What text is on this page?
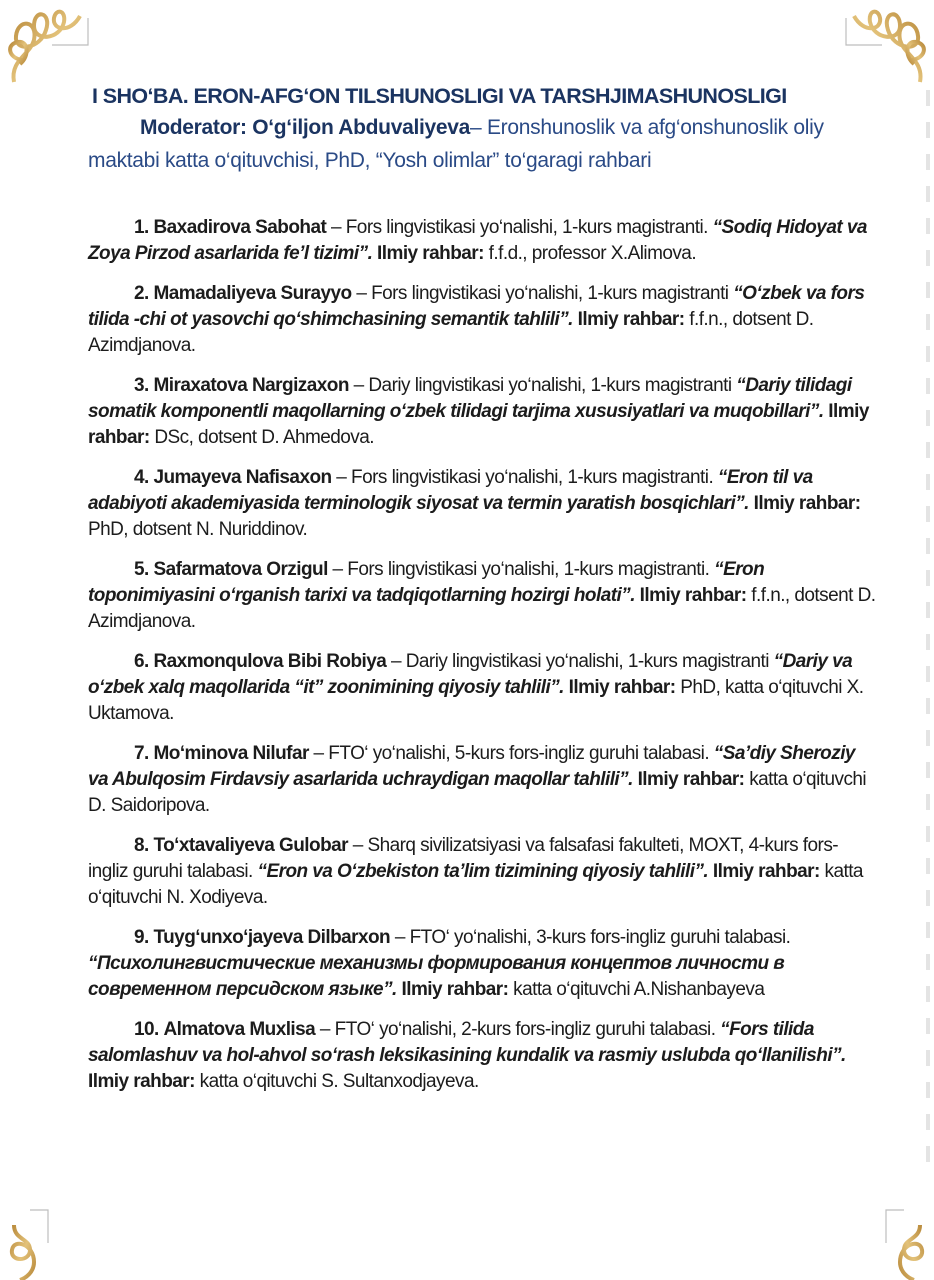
I SHO‘BA. ERON-AFG‘ON TILSHUNOSLIGI VA TARSHJIMASHUNOSLIGI
Moderator: O‘g‘iljon Abduvaliyeva– Eronshunoslik va afg‘onshunoslik oliy maktabi katta o‘qituvchisi, PhD, “Yosh olimlar” to‘garagi rahbari
1. Baxadirova Sabohat – Fors lingvistikasi yo‘nalishi, 1-kurs magistranti. “Sodiq Hidoyat va Zoya Pirzod asarlarida fe’l tizimi”. Ilmiy rahbar: f.f.d., professor X.Alimova.
2. Mamadaliyeva Surayyo – Fors lingvistikasi yo‘nalishi, 1-kurs magistranti “O‘zbek va fors tilida -chi ot yasovchi qo‘shimchasining semantik tahlili”. Ilmiy rahbar: f.f.n., dotsent D. Azimdjanova.
3. Miraxatova Nargizaxon – Dariy lingvistikasi yo‘nalishi, 1-kurs magistranti “Dariy tilidagi somatik komponentli maqollarning o‘zbek tilidagi tarjima xususiyatlari va muqobillari”. Ilmiy rahbar: DSc, dotsent D. Ahmedova.
4. Jumayeva Nafisaxon – Fors lingvistikasi yo‘nalishi, 1-kurs magistranti. “Eron til va adabiyoti akademiyasida terminologik siyosat va termin yaratish bosqichlari”. Ilmiy rahbar: PhD, dotsent N. Nuriddinov.
5. Safarmatova Orzigul – Fors lingvistikasi yo‘nalishi, 1-kurs magistranti. “Eron toponimiyasini o‘rganish tarixi va tadqiqotlarning hozirgi holati”. Ilmiy rahbar: f.f.n., dotsent D. Azimdjanova.
6. Raxmonqulova Bibi Robiya – Dariy lingvistikasi yo‘nalishi, 1-kurs magistranti “Dariy va o‘zbek xalq maqollarida “it” zoonimining qiyosiy tahlili”. Ilmiy rahbar: PhD, katta o‘qituvchi X. Uktamova.
7. Mo‘minova Nilufar – FTO‘ yo‘nalishi, 5-kurs fors-ingliz guruhi talabasi. “Sa’diy Sheroziy va Abulqosim Firdavsiy asarlarida uchraydigan maqollar tahlili”. Ilmiy rahbar: katta o‘qituvchi D. Saidoripova.
8. To‘xtavaliyeva Gulobar – Sharq sivilizatsiyasi va falsafasi fakulteti, MOXT, 4-kurs fors-ingliz guruhi talabasi. “Eron va O‘zbekiston ta’lim tizimining qiyosiy tahlili”. Ilmiy rahbar: katta o‘qituvchi N. Xodiyeva.
9. Tuyg‘unxo‘jayeva Dilbarxon – FTO‘ yo‘nalishi, 3-kurs fors-ingliz guruhi talabasi. “Психолингвистические механизмы формирования концептов личности в современном персидском языке”. Ilmiy rahbar: katta o‘qituvchi A.Nishanbayeva
10. Almatova Muxlisa – FTO‘ yo‘nalishi, 2-kurs fors-ingliz guruhi talabasi. “Fors tilida salomlashuv va hol-ahvol so‘rash leksikasining kundalik va rasmiy uslubda qo‘llanilishi”. Ilmiy rahbar: katta o‘qituvchi S. Sultanxodjayeva.
